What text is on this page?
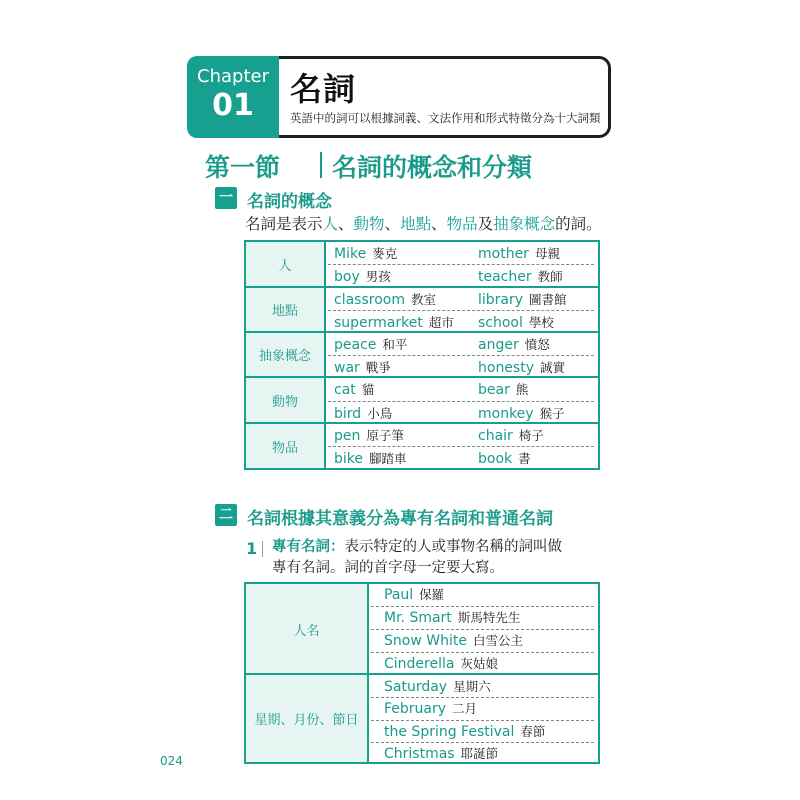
Chapter
01	名詞
英語中的詞可以根據詞義、文法作用和形式特徵分為十大詞類
第一節 名詞的概念和分類
一 名詞的概念
名詞是表示人、動物、地點、物品及抽象概念的詞。
人
Mike 麥克	mother 母親
boy 男孩	teacher 教師
地點
classroom 教室	library 圖書館
supermarket 超市 school 學校
抽象概念
peace 和平	anger 憤怒
war 戰爭	honesty 誠實
動物
cat 貓	bear 熊
bird 小鳥	monkey 猴子
物品
pen 原子筆	chair 椅子
bike 腳踏車	book 書
二 名詞根據其意義分為專有名詞和普通名詞
1 專有名詞：表示特定的人或事物名稱的詞叫做
專有名詞。詞的首字母一定要大寫。
人名
Paul 保羅
Mr. Smart 斯馬特先生
Snow White 白雪公主
Cinderella 灰姑娘
星期、月份、節日
Saturday 星期六
February 二月
the Spring Festival 春節
Christmas 耶誕節
024
